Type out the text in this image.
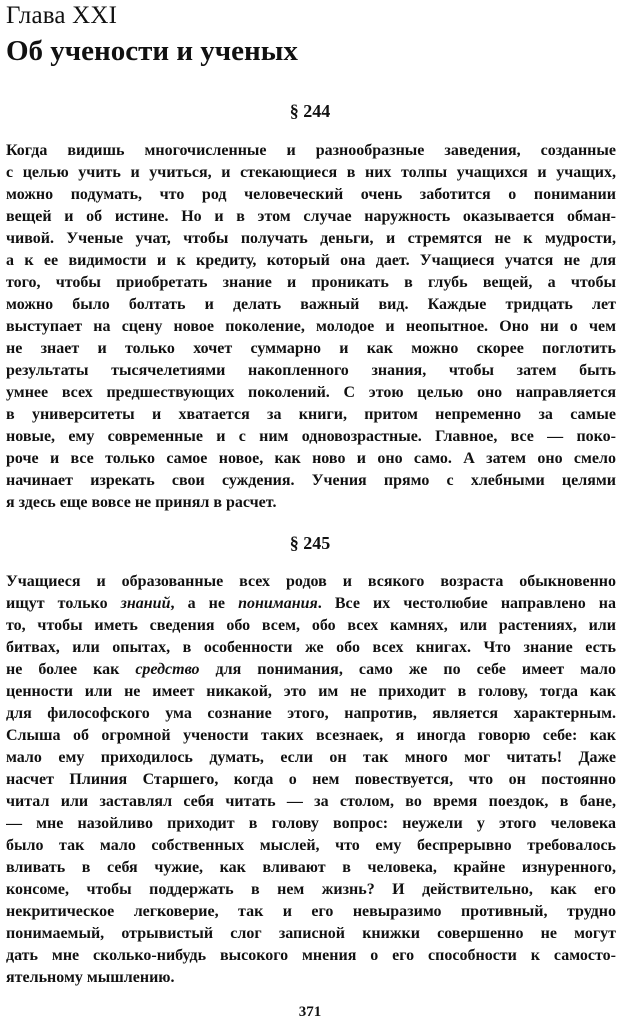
Глава XXI
Об учености и ученых
§ 244
Когда видишь многочисленные и разнообразные заведения, созданные
с целью учить и учиться, и стекающиеся в них толпы учащихся и учащих,
можно подумать, что род человеческий очень заботится о понимании
вещей и об истине. Но и в этом случае наружность оказывается обман-
чивой. Ученые учат, чтобы получать деньги, и стремятся не к мудрости,
а к ее видимости и к кредиту, который она дает. Учащиеся учатся не для
того, чтобы приобретать знание и проникать в глубь вещей, а чтобы
можно было болтать и делать важный вид. Каждые тридцать лет
выступает на сцену новое поколение, молодое и неопытное. Оно ни о чем
не знает и только хочет суммарно и как можно скорее поглотить
результаты тысячелетиями накопленного знания, чтобы затем быть
умнее всех предшествующих поколений. С этою целью оно направляется
в университеты и хватается за книги, притом непременно за самые
новые, ему современные и с ним одновозрастные. Главное, все — поко-
роче и все только самое новое, как ново и оно само. А затем оно смело
начинает изрекать свои суждения. Учения прямо с хлебными целями
я здесь еще вовсе не принял в расчет.
§ 245
Учащиеся и образованные всех родов и всякого возраста обыкновенно
ищут только знаний, а не понимания. Все их честолюбие направлено на
то, чтобы иметь сведения обо всем, обо всех камнях, или растениях, или
битвах, или опытах, в особенности же обо всех книгах. Что знание есть
не более как средство для понимания, само же по себе имеет мало
ценности или не имеет никакой, это им не приходит в голову, тогда как
для философского ума сознание этого, напротив, является характерным.
Слыша об огромной учености таких всезнаек, я иногда говорю себе: как
мало ему приходилось думать, если он так много мог читать! Даже
насчет Плиния Старшего, когда о нем повествуется, что он постоянно
читал или заставлял себя читать — за столом, во время поездок, в бане,
— мне назойливо приходит в голову вопрос: неужели у этого человека
было так мало собственных мыслей, что ему беспрерывно требовалось
вливать в себя чужие, как вливают в человека, крайне изнуренного,
консоме, чтобы поддержать в нем жизнь? И действительно, как его
некритическое легковерие, так и его невыразимо противный, трудно
понимаемый, отрывистый слог записной книжки совершенно не могут
дать мне сколько-нибудь высокого мнения о его способности к самосто-
ятельному мышлению.
371
